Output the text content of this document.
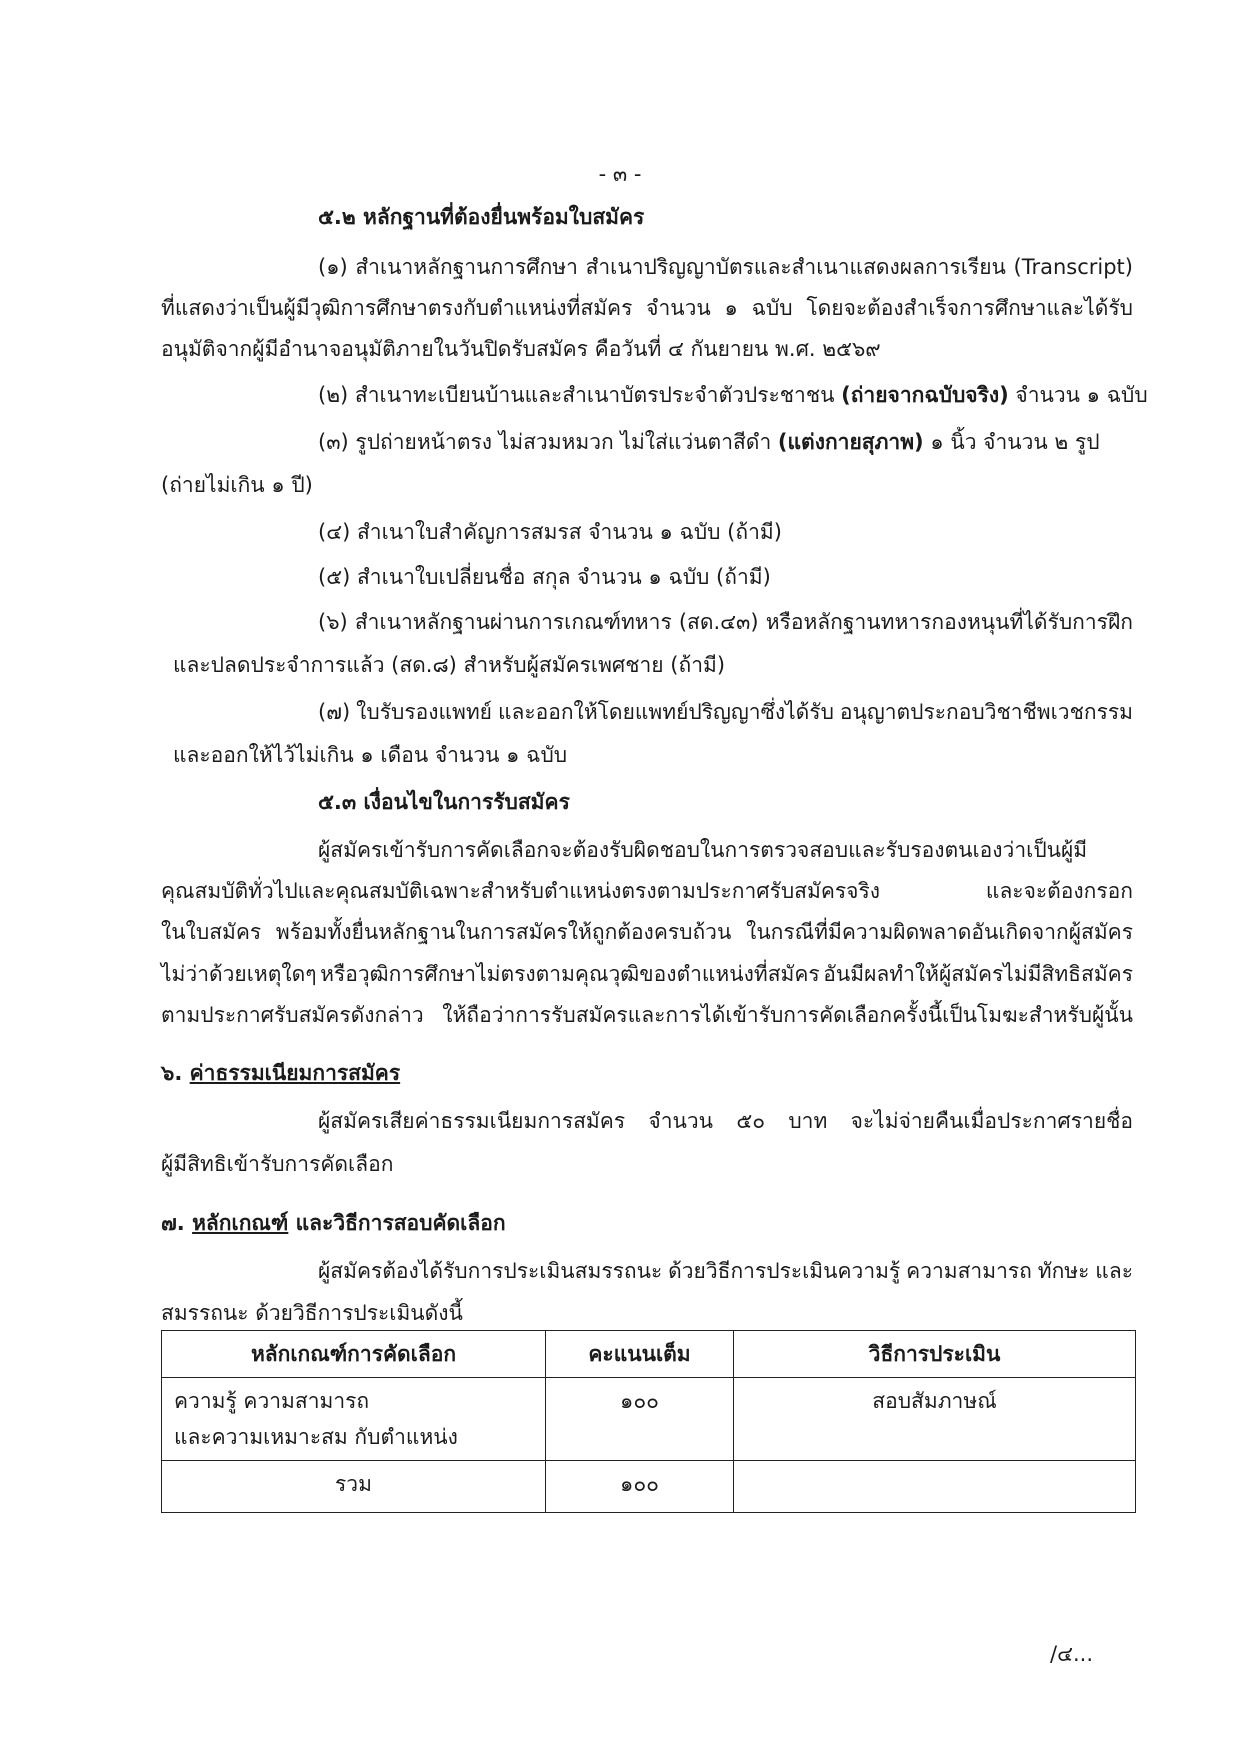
- ๓ -
๕.๒ หลักฐานที่ต้องยื่นพร้อมใบสมัคร
(๑) สำเนาหลักฐานการศึกษา สำเนาปริญญาบัตรและสำเนาแสดงผลการเรียน (Transcript)
ที่แสดงว่าเป็นผู้มีวุฒิการศึกษาตรงกับตำแหน่งที่สมัคร จำนวน ๑ ฉบับ โดยจะต้องสำเร็จการศึกษาและได้รับ
อนุมัติจากผู้มีอำนาจอนุมัติภายในวันปิดรับสมัคร คือวันที่ ๔ กันยายน พ.ศ. ๒๕๖๙
(๒) สำเนาทะเบียนบ้านและสำเนาบัตรประจำตัวประชาชน (ถ่ายจากฉบับจริง) จำนวน ๑ ฉบับ
(๓) รูปถ่ายหน้าตรง ไม่สวมหมวก ไม่ใส่แว่นตาสีดำ (แต่งกายสุภาพ) ๑ นิ้ว จำนวน ๒ รูป
(ถ่ายไม่เกิน ๑ ปี)
(๔) สำเนาใบสำคัญการสมรส จำนวน ๑ ฉบับ (ถ้ามี)
(๕) สำเนาใบเปลี่ยนชื่อ สกุล จำนวน ๑ ฉบับ (ถ้ามี)
(๖) สำเนาหลักฐานผ่านการเกณฑ์ทหาร (สด.๔๓) หรือหลักฐานทหารกองหนุนที่ได้รับการฝึก
และปลดประจำการแล้ว (สด.๘) สำหรับผู้สมัครเพศชาย (ถ้ามี)
(๗) ใบรับรองแพทย์ และออกให้โดยแพทย์ปริญญาซึ่งได้รับ อนุญาตประกอบวิชาชีพเวชกรรม
และออกให้ไว้ไม่เกิน ๑ เดือน จำนวน ๑ ฉบับ
๕.๓ เงื่อนไขในการรับสมัคร
ผู้สมัครเข้ารับการคัดเลือกจะต้องรับผิดชอบในการตรวจสอบและรับรองตนเองว่าเป็นผู้มี
คุณสมบัติทั่วไปและคุณสมบัติเฉพาะสำหรับตำแหน่งตรงตามประกาศรับสมัครจริง	และจะต้องกรอก
ในใบสมัคร พร้อมทั้งยื่นหลักฐานในการสมัครให้ถูกต้องครบถ้วน ในกรณีที่มีความผิดพลาดอันเกิดจากผู้สมัคร
ไม่ว่าด้วยเหตุใดๆ หรือวุฒิการศึกษาไม่ตรงตามคุณวุฒิของตำแหน่งที่สมัคร อันมีผลทำให้ผู้สมัครไม่มีสิทธิสมัคร
ตามประกาศรับสมัครดังกล่าว ให้ถือว่าการรับสมัครและการได้เข้ารับการคัดเลือกครั้งนี้เป็นโมฆะสำหรับผู้นั้น
๖. ค่าธรรมเนียมการสมัคร
ผู้สมัครเสียค่าธรรมเนียมการสมัคร จำนวน ๕๐ บาท จะไม่จ่ายคืนเมื่อประกาศรายชื่อ
ผู้มีสิทธิเข้ารับการคัดเลือก
๗. หลักเกณฑ์ และวิธีการสอบคัดเลือก
ผู้สมัครต้องได้รับการประเมินสมรรถนะ ด้วยวิธีการประเมินความรู้ ความสามารถ ทักษะ และ
สมรรถนะ ด้วยวิธีการประเมินดังนี้
หลักเกณฑ์การคัดเลือก	คะแนนเต็ม	วิธีการประเมิน

ความรู้ ความสามารถ
และความเหมาะสม กับตำแหน่ง	๑๐๐	สอบสัมภาษณ์
รวม	๑๐๐	
/๔...
